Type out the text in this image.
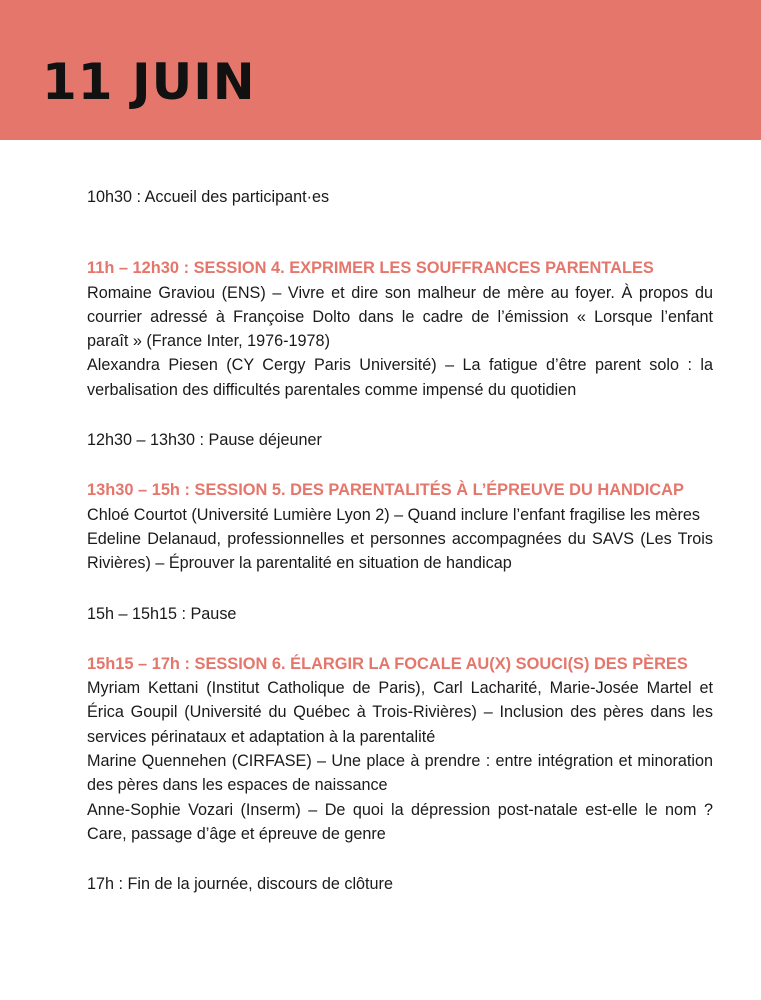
11 JUIN

10h30 : Accueil des participant·es

11h – 12h30 : SESSION 4. EXPRIMER LES SOUFFRANCES PARENTALES

Romaine Graviou (ENS) – Vivre et dire son malheur de mère au foyer. À propos du courrier adressé à Françoise Dolto dans le cadre de l’émission « Lorsque l’enfant paraît » (France Inter, 1976-1978)

Alexandra Piesen (CY Cergy Paris Université) – La fatigue d’être parent solo : la verbalisation des difficultés parentales comme impensé du quotidien

12h30 – 13h30 : Pause déjeuner

13h30 – 15h : SESSION 5. DES PARENTALITÉS À L’ÉPREUVE DU HANDICAP

Chloé Courtot (Université Lumière Lyon 2) – Quand inclure l’enfant fragilise les mères

Edeline Delanaud, professionnelles et personnes accompagnées du SAVS (Les Trois Rivières) – Éprouver la parentalité en situation de handicap

15h – 15h15 : Pause

15h15 – 17h : SESSION 6. ÉLARGIR LA FOCALE AU(X) SOUCI(S) DES PÈRES

Myriam Kettani (Institut Catholique de Paris), Carl Lacharité, Marie-Josée Martel et Érica Goupil (Université du Québec à Trois-Rivières) – Inclusion des pères dans les services périnataux et adaptation à la parentalité

Marine Quennehen (CIRFASE) – Une place à prendre : entre intégration et minoration des pères dans les espaces de naissance

Anne-Sophie Vozari (Inserm) – De quoi la dépression post-natale est-elle le nom ? Care, passage d’âge et épreuve de genre

17h : Fin de la journée, discours de clôture
